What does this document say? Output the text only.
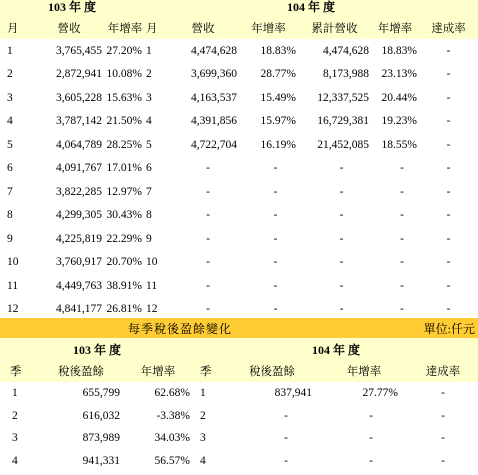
103 年 度			104 年 度					
月	營收	年增率	月	營收	年增率	累計營收	年增率	達成率
1	3,765,455	27.20%	1	4,474,628	18.83%	4,474,628	18.83%	-
2	2,872,941	10.08%	2	3,699,360	28.77%	8,173,988	23.13%	-
3	3,605,228	15.63%	3	4,163,537	15.49%	12,337,525	20.44%	-
4	3,787,142	21.50%	4	4,391,856	15.97%	16,729,381	19.23%	-
5	4,064,789	28.25%	5	4,722,704	16.19%	21,452,085	18.55%	-
6	4,091,767	17.01%	6	-	-	-	-	-
7	3,822,285	12.97%	7	-	-	-	-	-
8	4,299,305	30.43%	8	-	-	-	-	-
9	4,225,819	22.29%	9	-	-	-	-	-
10	3,760,917	20.70%	10	-	-	-	-	-
11	4,449,763	38.91%	11	-	-	-	-	-
12	4,841,177	26.81%	12	-	-	-	-	-
	每季稅後盈餘變化				單位:仟元	
103 年 度			104 年 度			
季	稅後盈餘	年增率	季	稅後盈餘	年增率	達成率
1	655,799	62.68%	1	837,941	27.77%	-
2	616,032	-3.38%	2	-	-	-
3	873,989	34.03%	3	-	-	-
4	941,331	56.57%	4	-	-	-
